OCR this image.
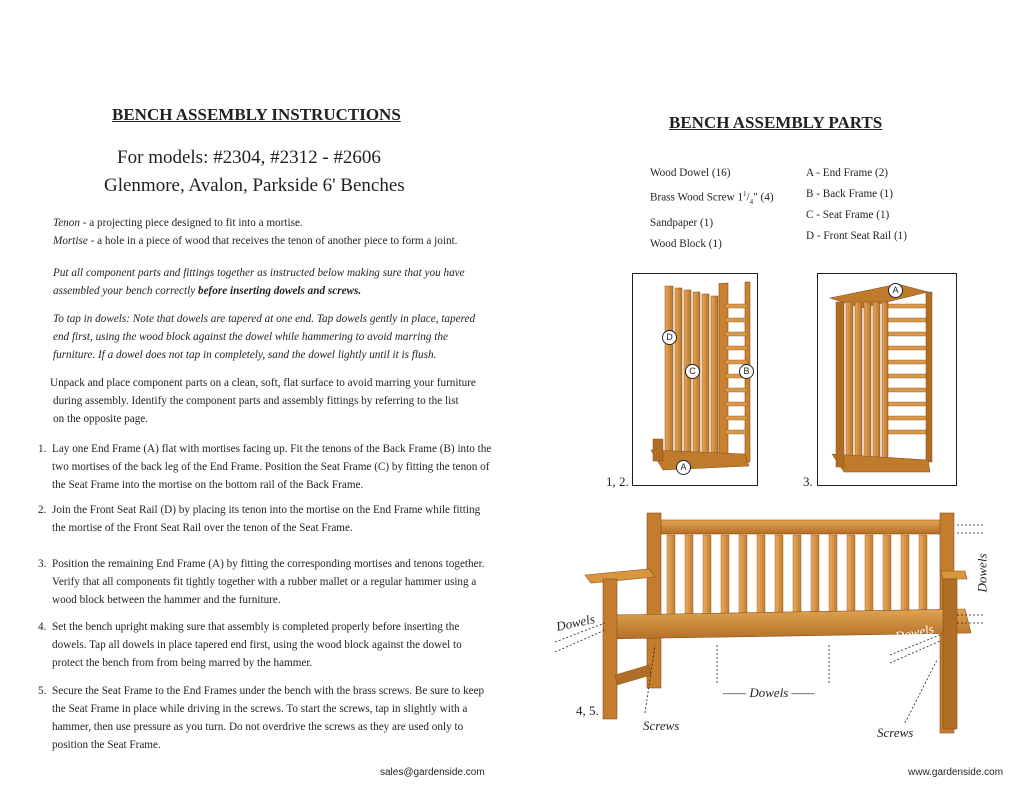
BENCH ASSEMBLY INSTRUCTIONS
For models: #2304, #2312 - #2606
Glenmore, Avalon, Parkside 6' Benches
Tenon - a projecting piece designed to fit into a mortise.
Mortise - a hole in a piece of wood that receives the tenon of another piece to form a joint.
Put all component parts and fittings together as instructed below making sure that you have
assembled your bench correctly before inserting dowels and screws.
To tap in dowels: Note that dowels are tapered at one end. Tap dowels gently in place, tapered
end first, using the wood block against the dowel while hammering to avoid marring the
furniture. If a dowel does not tap in completely, sand the dowel lightly until it is flush.
Unpack and place component parts on a clean, soft, flat surface to avoid marring your furniture
during assembly. Identify the component parts and assembly fittings by referring to the list
on the opposite page.
1. Lay one End Frame (A) flat with mortises facing up. Fit the tenons of the Back Frame (B) into the two mortises of the back leg of the End Frame. Position the Seat Frame (C) by fitting the tenon of the Seat Frame into the mortise on the bottom rail of the Back Frame.
2. Join the Front Seat Rail (D) by placing its tenon into the mortise on the End Frame while fitting the mortise of the Front Seat Rail over the tenon of the Seat Frame.
3. Position the remaining End Frame (A) by fitting the corresponding mortises and tenons together. Verify that all components fit tightly together with a rubber mallet or a regular hammer using a wood block between the hammer and the furniture.
4. Set the bench upright making sure that assembly is completed properly before inserting the dowels. Tap all dowels in place tapered end first, using the wood block against the dowel to protect the bench from from being marred by the hammer.
5. Secure the Seat Frame to the End Frames under the bench with the brass screws. Be sure to keep the Seat Frame in place while driving in the screws. To start the screws, tap in slightly with a hammer, then use pressure as you turn. Do not overdrive the screws as they are used only to position the Seat Frame.
sales@gardenside.com
BENCH ASSEMBLY PARTS
Wood Dowel (16)
Brass Wood Screw $1^1/_4$" (4)
Sandpaper (1)
Wood Block (1)
A - End Frame (2)
B - Back Frame (1)
C - Seat Frame (1)
D - Front Seat Rail (1)
D
C	B
A
1, 2.
A
3.
Dowels
Dowels
Dowels
—— Dowels ——
Screws	Screws
4, 5.
www.gardenside.com
